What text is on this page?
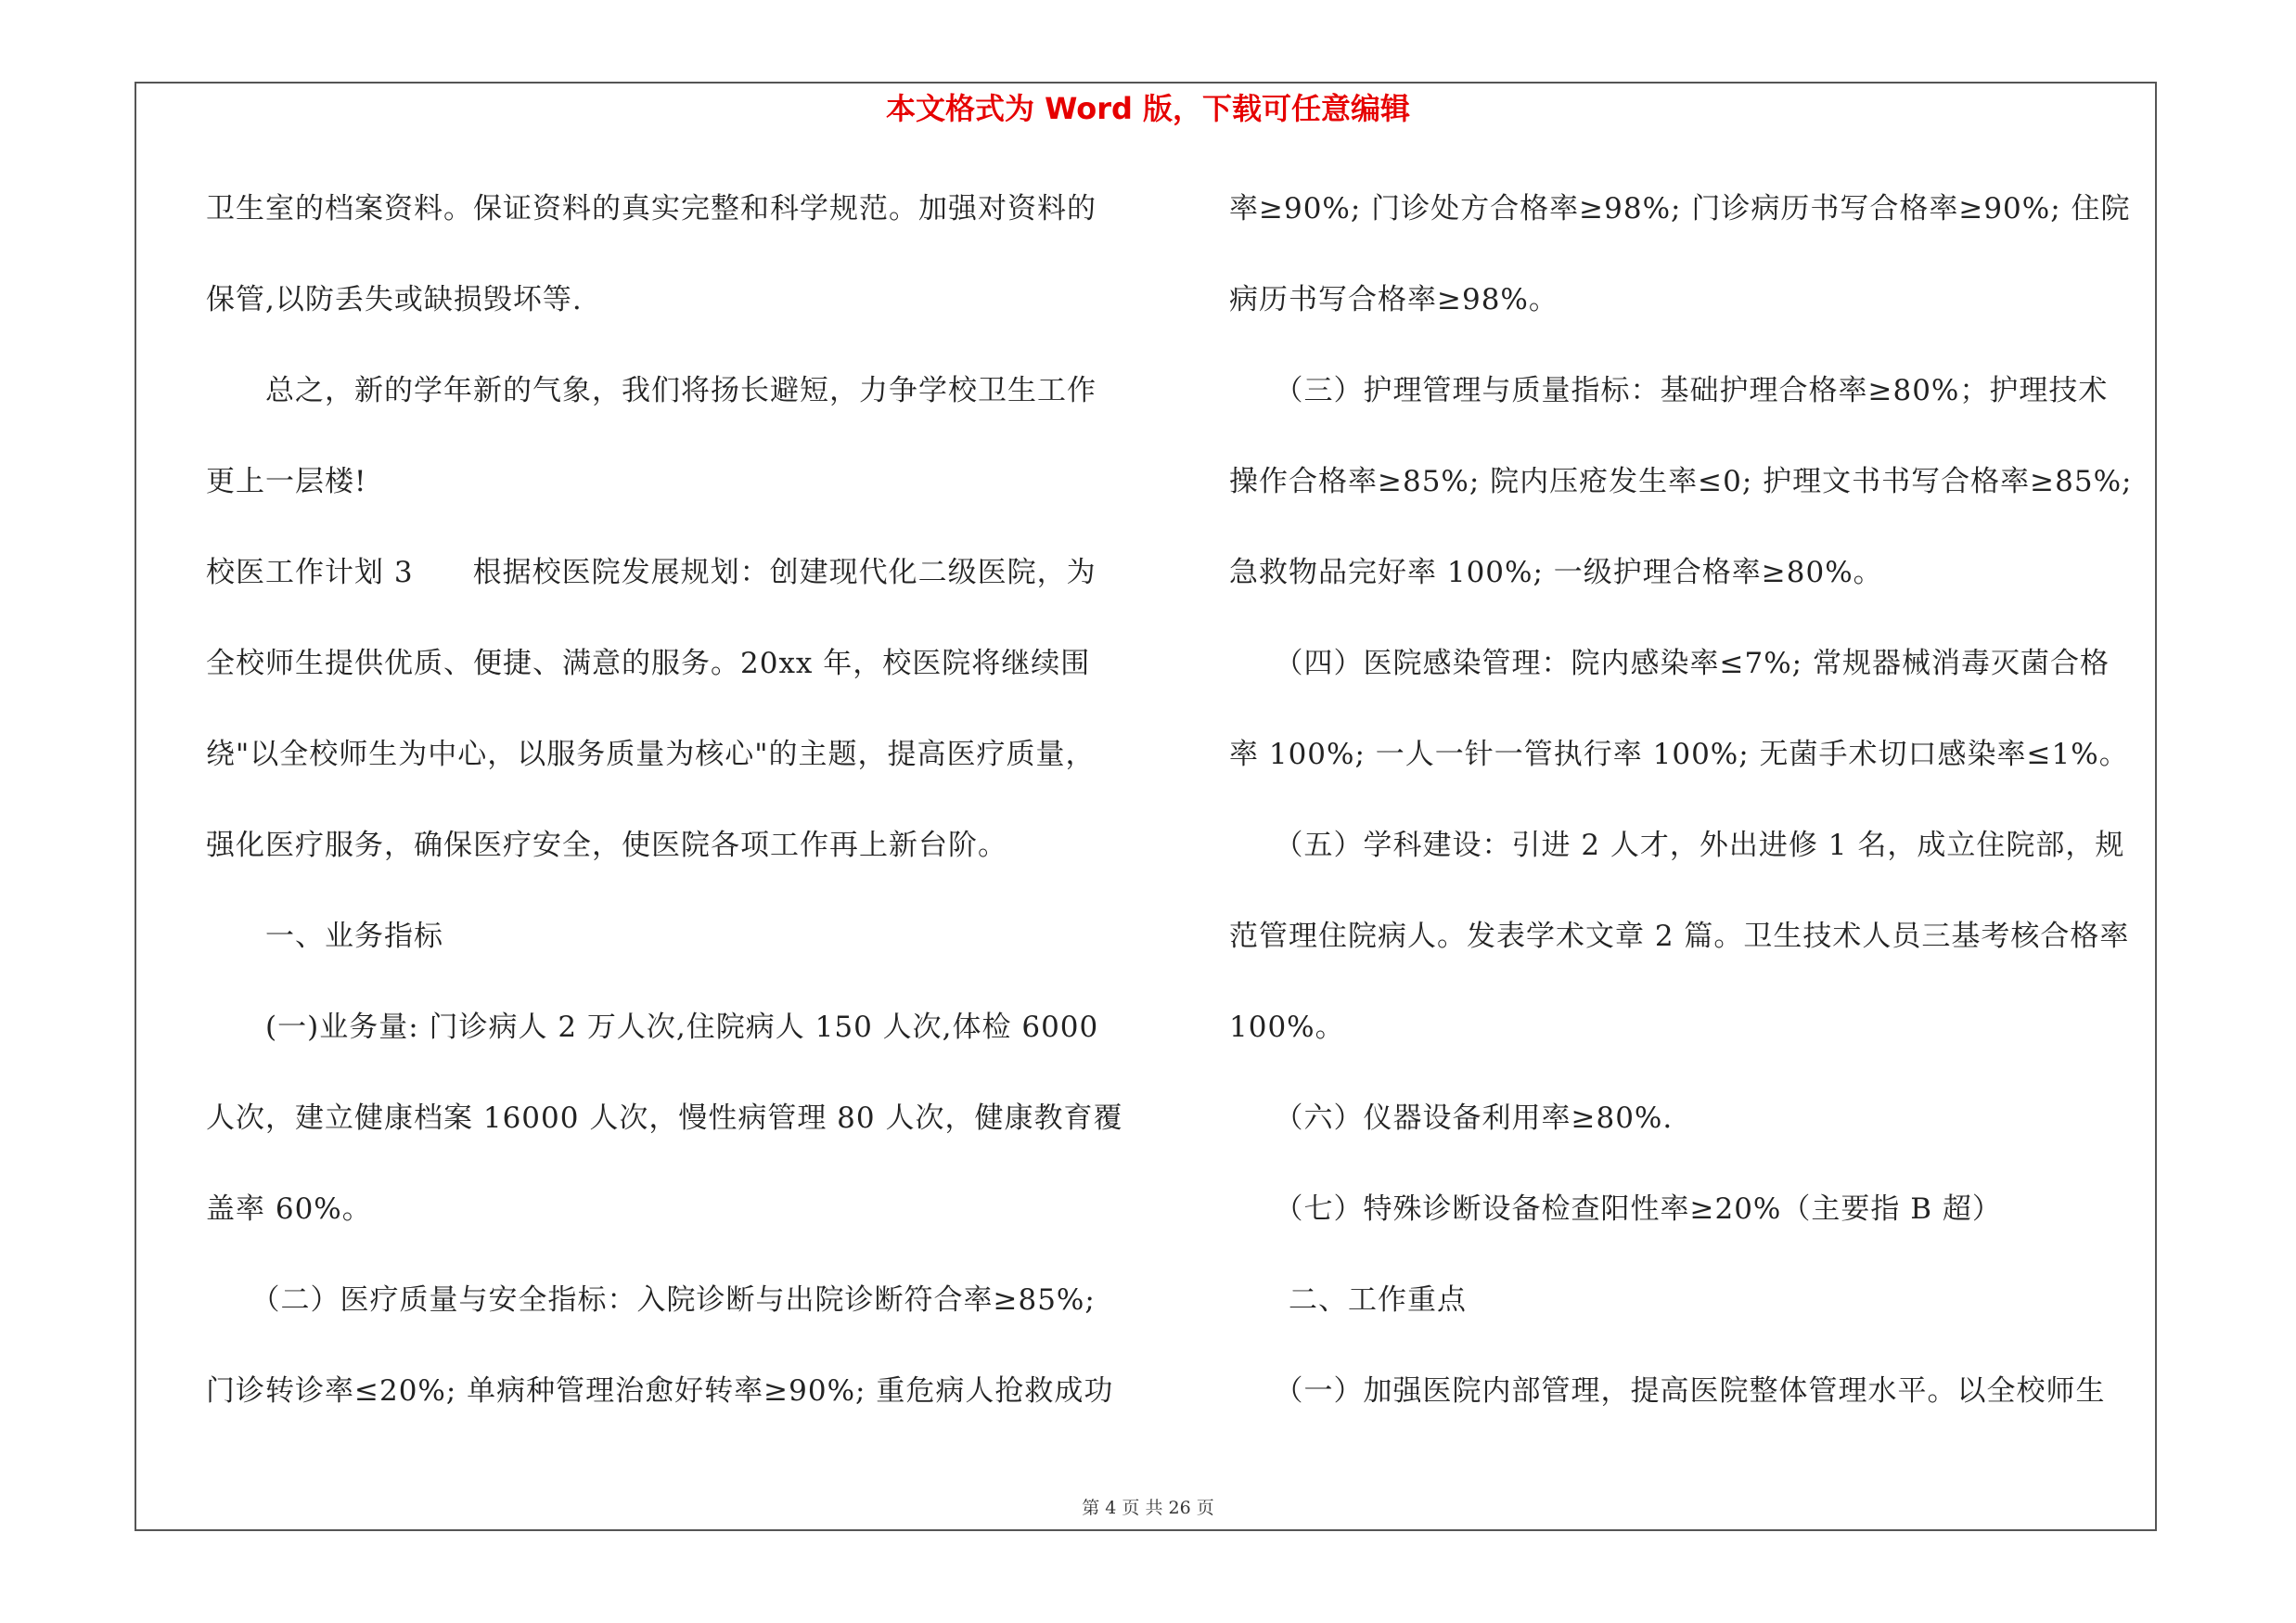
本文格式为 Word 版，下载可任意编辑
卫生室的档案资料。保证资料的真实完整和科学规范。加强对资料的
保管,以防丢失或缺损毁坏等.
　　总之，新的学年新的气象，我们将扬长避短，力争学校卫生工作
更上一层楼!
校医工作计划 3　　根据校医院发展规划：创建现代化二级医院，为
全校师生提供优质、便捷、满意的服务。20xx 年，校医院将继续围
绕"以全校师生为中心，以服务质量为核心"的主题，提高医疗质量，
强化医疗服务，确保医疗安全，使医院各项工作再上新台阶。
　　一、业务指标
　　(一)业务量: 门诊病人 2 万人次,住院病人 150 人次,体检 6000
人次，建立健康档案 16000 人次，慢性病管理 80 人次，健康教育覆
盖率 60%。
　　（二）医疗质量与安全指标：入院诊断与出院诊断符合率≥85%;
门诊转诊率≤20%; 单病种管理治愈好转率≥90%; 重危病人抢救成功
率≥90%; 门诊处方合格率≥98%; 门诊病历书写合格率≥90%; 住院
病历书写合格率≥98%。
　　（三）护理管理与质量指标：基础护理合格率≥80%；护理技术
操作合格率≥85%; 院内压疮发生率≤0; 护理文书书写合格率≥85%;
急救物品完好率 100%; 一级护理合格率≥80%。
　　（四）医院感染管理：院内感染率≤7%; 常规器械消毒灭菌合格
率 100%; 一人一针一管执行率 100%; 无菌手术切口感染率≤1%。
　　（五）学科建设：引进 2 人才，外出进修 1 名，成立住院部，规
范管理住院病人。发表学术文章 2 篇。卫生技术人员三基考核合格率
100%。
　　（六）仪器设备利用率≥80%.
　　（七）特殊诊断设备检查阳性率≥20%（主要指 B 超）
　　二、工作重点
　　（一）加强医院内部管理，提高医院整体管理水平。以全校师生
第 4 页 共 26 页
